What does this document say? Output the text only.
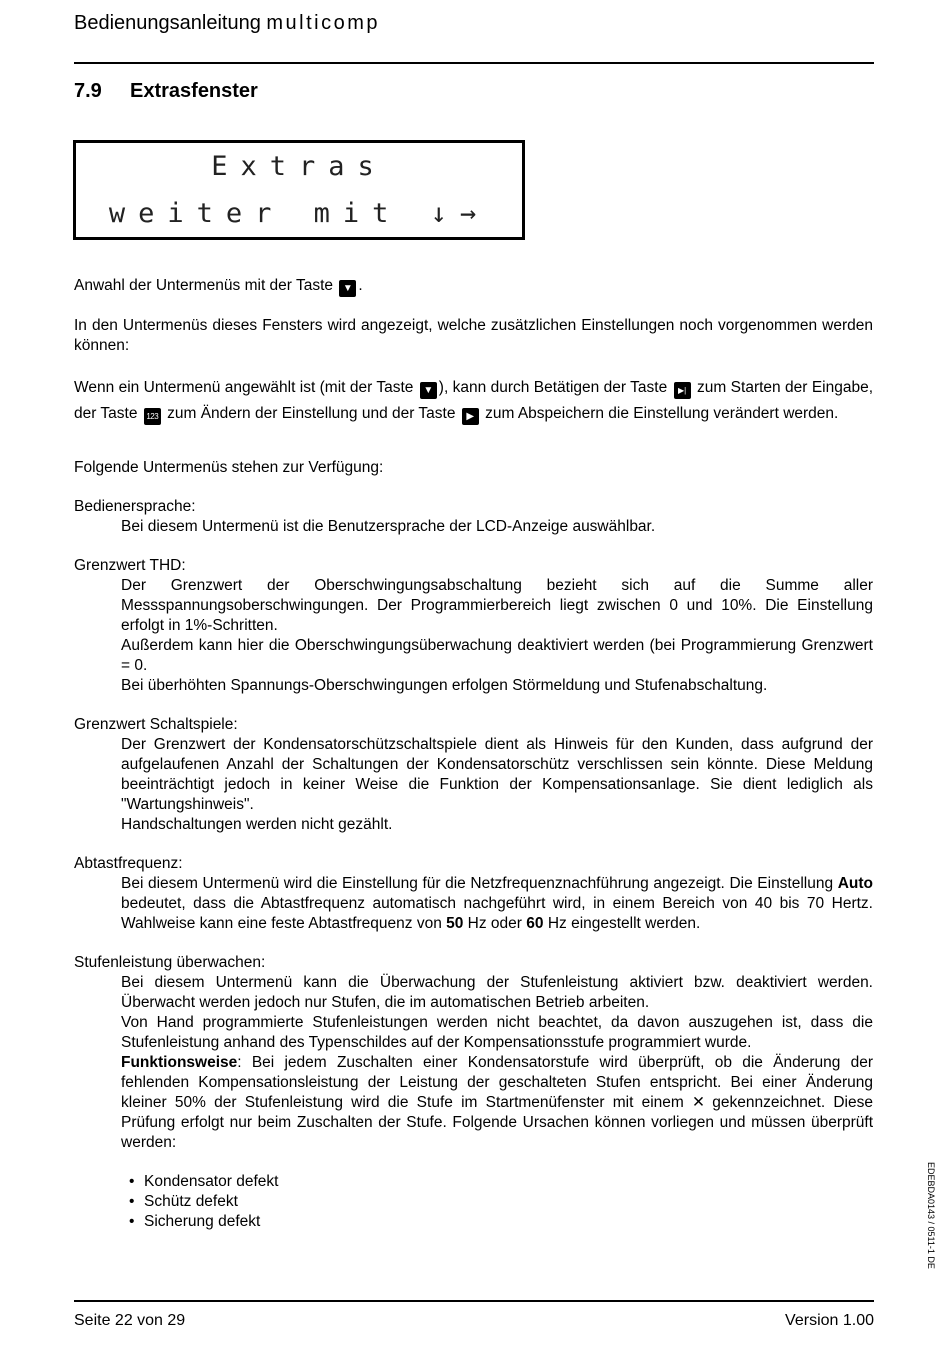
Bedienungsanleitung multicomp
7.9 Extrasfenster
Extras
weiter mit ↓→

Anwahl der Untermenüs mit der Taste ▼ .

In den Untermenüs dieses Fensters wird angezeigt, welche zusätzlichen Einstellungen noch vorgenommen werden können:

Wenn ein Untermenü angewählt ist (mit der Taste ▼ ), kann durch Betätigen der Taste ▶| zum Starten der Eingabe, der Taste 123 zum Ändern der Einstellung und der Taste ▶ zum Abspeichern die Einstellung verändert werden.

Folgende Untermenüs stehen zur Verfügung:

Bedienersprache:

Bei diesem Untermenü ist die Benutzersprache der LCD-Anzeige auswählbar.

Grenzwert THD:

Der Grenzwert der Oberschwingungsabschaltung bezieht sich auf die Summe aller Messspannungsoberschwingungen. Der Programmierbereich liegt zwischen 0 und 10%. Die Einstellung erfolgt in 1%-Schritten.

Außerdem kann hier die Oberschwingungsüberwachung deaktiviert werden (bei Programmierung Grenzwert = 0.

Bei überhöhten Spannungs-Oberschwingungen erfolgen Störmeldung und Stufenabschaltung.

Grenzwert Schaltspiele:

Der Grenzwert der Kondensatorschützschaltspiele dient als Hinweis für den Kunden, dass aufgrund der aufgelaufenen Anzahl der Schaltungen der Kondensatorschütz verschlissen sein könnte. Diese Meldung beeinträchtigt jedoch in keiner Weise die Funktion der Kompensationsanlage. Sie dient lediglich als "Wartungshinweis".

Handschaltungen werden nicht gezählt.

Abtastfrequenz:

Bei diesem Untermenü wird die Einstellung für die Netzfrequenznachführung angezeigt. Die Einstellung Auto bedeutet, dass die Abtastfrequenz automatisch nachgeführt wird, in einem Bereich von 40 bis 70 Hertz. Wahlweise kann eine feste Abtastfrequenz von 50 Hz oder 60 Hz eingestellt werden.

Stufenleistung überwachen:

Bei diesem Untermenü kann die Überwachung der Stufenleistung aktiviert bzw. deaktiviert werden. Überwacht werden jedoch nur Stufen, die im automatischen Betrieb arbeiten.

Von Hand programmierte Stufenleistungen werden nicht beachtet, da davon auszugehen ist, dass die Stufenleistung anhand des Typenschildes auf der Kompensationsstufe programmiert wurde.

Funktionsweise: Bei jedem Zuschalten einer Kondensatorstufe wird überprüft, ob die Änderung der fehlenden Kompensationsleistung der Leistung der geschalteten Stufen entspricht. Bei einer Änderung kleiner 50% der Stufenleistung wird die Stufe im Startmenüfenster mit einem ✕ gekennzeichnet. Diese Prüfung erfolgt nur beim Zuschalten der Stufe. Folgende Ursachen können vorliegen und müssen überprüft werden:

• Kondensator defekt
• Schütz defekt
• Sicherung defekt	EDEBDA0143 / 0511-1 DE
Seite 22 von 29	Version 1.00
